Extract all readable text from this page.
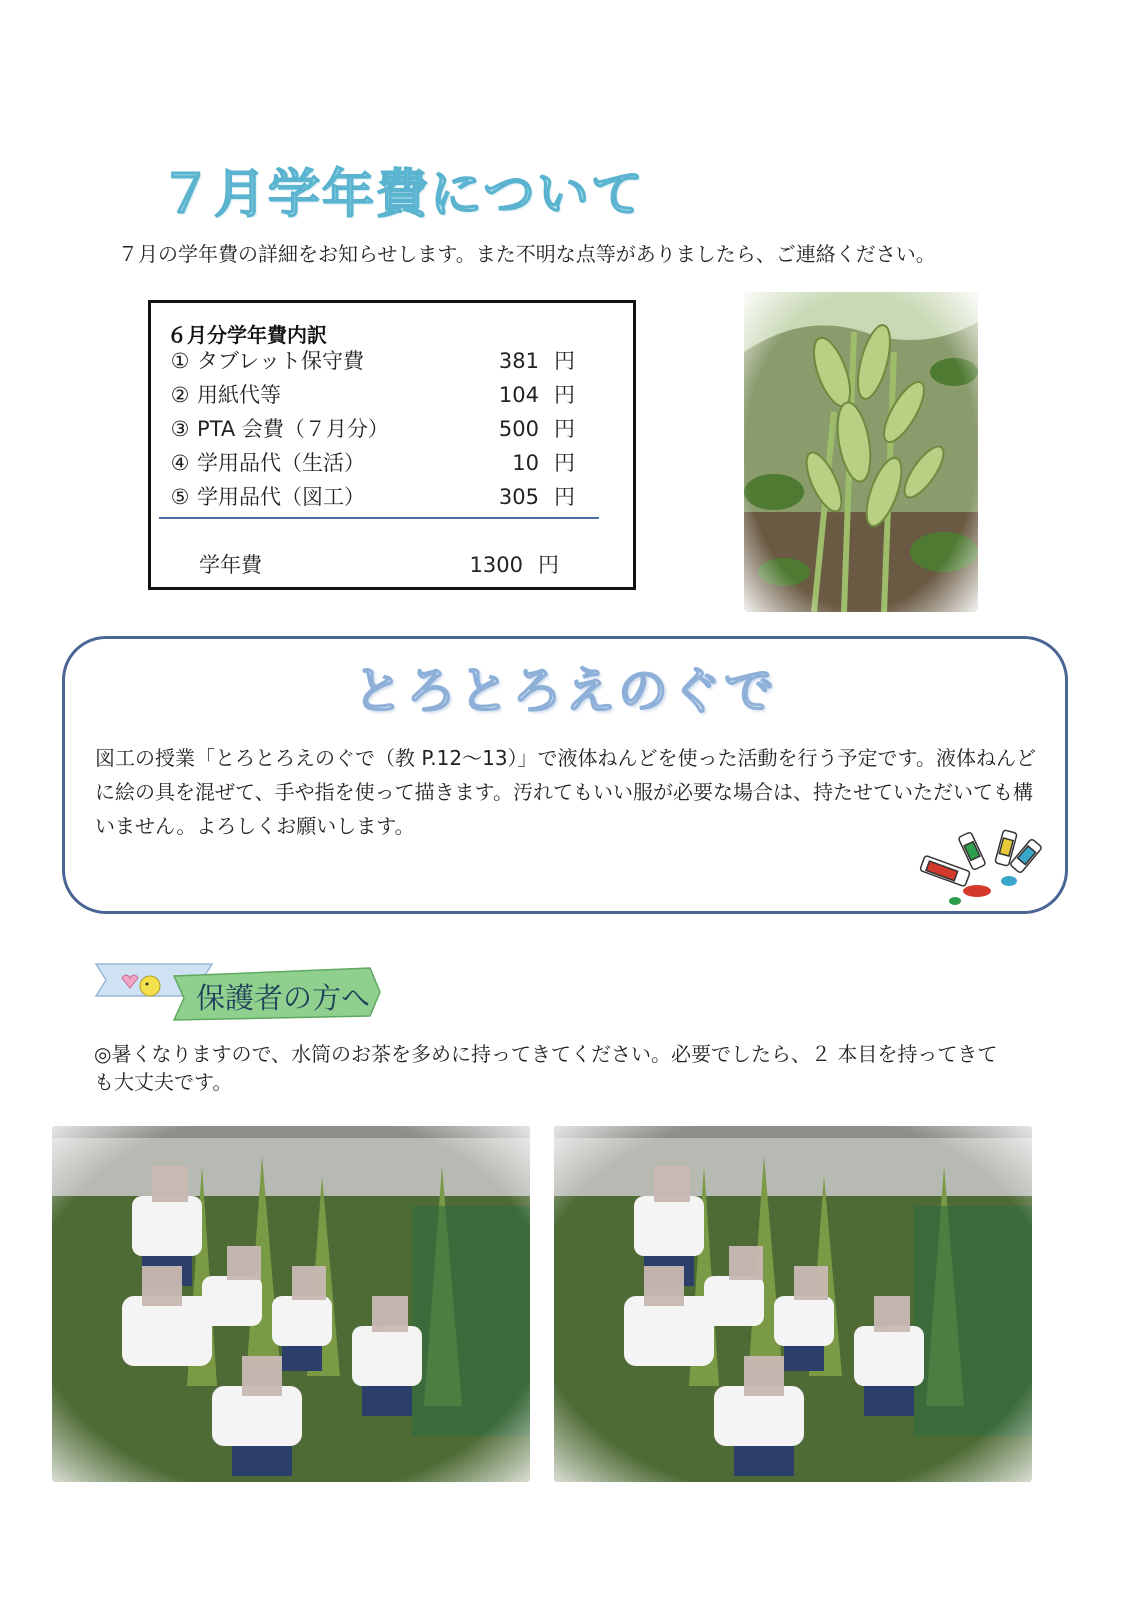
７月学年費について
７月の学年費の詳細をお知らせします。また不明な点等がありましたら、ご連絡ください。
６月分学年費内訳
① タブレット保守費	381 円
② 用紙代等	104 円
③ PTA 会費（７月分）	500 円
④ 学用品代（生活）	10 円
⑤ 学用品代（図工）	305 円
学年費	1300 円
とろとろえのぐで
図工の授業「とろとろえのぐで（教 P.12～13）」で液体ねんどを使った活動を行う予定です。液体ねんどに絵の具を混ぜて、手や指を使って描きます。汚れてもいい服が必要な場合は、持たせていただいても構いません。よろしくお願いします。
保護者の方へ
◎暑くなりますので、水筒のお茶を多めに持ってきてください。必要でしたら、２ 本目を持ってきても大丈夫です。
